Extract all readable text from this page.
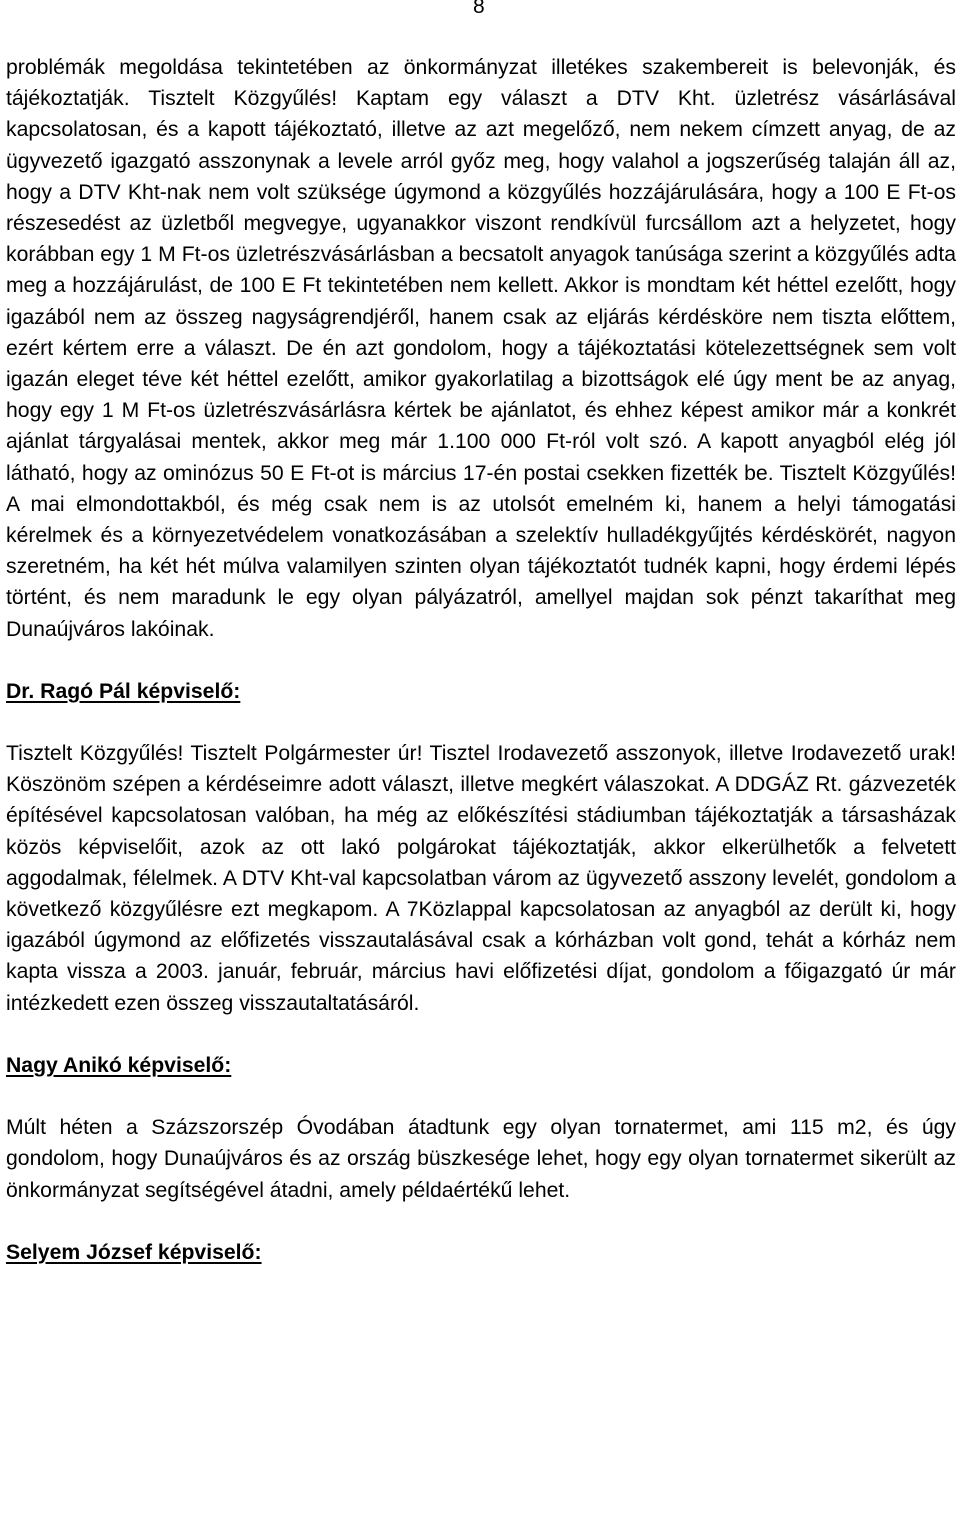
8

problémák megoldása tekintetében az önkormányzat illetékes szakembereit is belevonják, és tájékoztatják. Tisztelt Közgyűlés! Kaptam egy választ a DTV Kht. üzletrész vásárlásával kapcsolatosan, és a kapott tájékoztató, illetve az azt megelőző, nem nekem címzett anyag, de az ügyvezető igazgató asszonynak a levele arról győz meg, hogy valahol a jogszerűség talaján áll az, hogy a DTV Kht-nak nem volt szüksége úgymond a közgyűlés hozzájárulására, hogy a 100 E Ft-os részesedést az üzletből megvegye, ugyanakkor viszont rendkívül furcsállom azt a helyzetet, hogy korábban egy 1 M Ft-os üzletrészvásárlásban a becsatolt anyagok tanúsága szerint a közgyűlés adta meg a hozzájárulást, de 100 E Ft tekintetében nem kellett. Akkor is mondtam két héttel ezelőtt, hogy igazából nem az összeg nagyságrendjéről, hanem csak az eljárás kérdésköre nem tiszta előttem, ezért kértem erre a választ. De én azt gondolom, hogy a tájékoztatási kötelezettségnek sem volt igazán eleget téve két héttel ezelőtt, amikor gyakorlatilag a bizottságok elé úgy ment be az anyag, hogy egy 1 M Ft-os üzletrészvásárlásra kértek be ajánlatot, és ehhez képest amikor már a konkrét ajánlat tárgyalásai mentek, akkor meg már 1.100 000 Ft-ról volt szó. A kapott anyagból elég jól látható, hogy az ominózus 50 E Ft-ot is március 17-én postai csekken fizették be. Tisztelt Közgyűlés! A mai elmondottakból, és még csak nem is az utolsót emelném ki, hanem a helyi támogatási kérelmek és a környezetvédelem vonatkozásában a szelektív hulladékgyűjtés kérdéskörét, nagyon szeretném, ha két hét múlva valamilyen szinten olyan tájékoztatót tudnék kapni, hogy érdemi lépés történt, és nem maradunk le egy olyan pályázatról, amellyel majdan sok pénzt takaríthat meg Dunaújváros lakóinak.

Dr. Ragó Pál képviselő:

Tisztelt Közgyűlés! Tisztelt Polgármester úr! Tisztel Irodavezető asszonyok, illetve Irodavezető urak! Köszönöm szépen a kérdéseimre adott választ, illetve megkért válaszokat. A DDGÁZ Rt. gázvezeték építésével kapcsolatosan valóban, ha még az előkészítési stádiumban tájékoztatják a társasházak közös képviselőit, azok az ott lakó polgárokat tájékoztatják, akkor elkerülhetők a felvetett aggodalmak, félelmek. A DTV Kht-val kapcsolatban várom az ügyvezető asszony levelét, gondolom a következő közgyűlésre ezt megkapom. A 7Közlappal kapcsolatosan az anyagból az derült ki, hogy igazából úgymond az előfizetés visszautalásával csak a kórházban volt gond, tehát a kórház nem kapta vissza a 2003. január, február, március havi előfizetési díjat, gondolom a főigazgató úr már intézkedett ezen összeg visszautaltatásáról.

Nagy Anikó képviselő:

Múlt héten a Százszorszép Óvodában átadtunk egy olyan tornatermet, ami 115 m2, és úgy gondolom, hogy Dunaújváros és az ország büszkesége lehet, hogy egy olyan tornatermet sikerült az önkormányzat segítségével átadni, amely példaértékű lehet.

Selyem József képviselő:
